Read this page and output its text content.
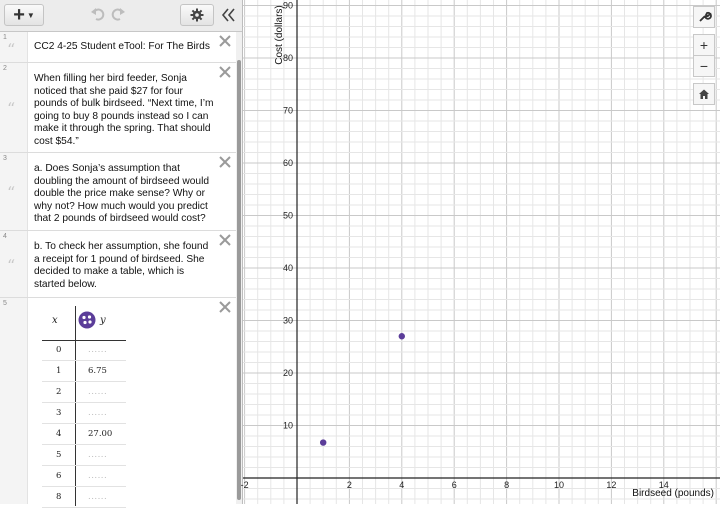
+ ▼
1
“ CC2 4-25 Student eTool: For The Birds
2
“
When filling her bird feeder, Sonja noticed that she paid $27 for four pounds of bulk birdseed. “Next time, I’m going to buy 8 pounds instead so I can make it through the spring. That should cost $54.”
3
“
a. Does Sonja’s assumption that doubling the amount of birdseed would double the price make sense? Why or why not? How much would you predict that 2 pounds of birdseed would cost?
4
“
b. To check her assumption, she found a receipt for 1 pound of birdseed. She decided to make a table, which is started below.
5
x	y
0	......
1	6.75
2	......
3	......
4	27.00
5	......
6	......
8	......
-2	2	4	6	8	10	12	14
10
20
30
40
50
60
70
80
90
Birdseed (pounds)
Cost (dollars)	+
−
